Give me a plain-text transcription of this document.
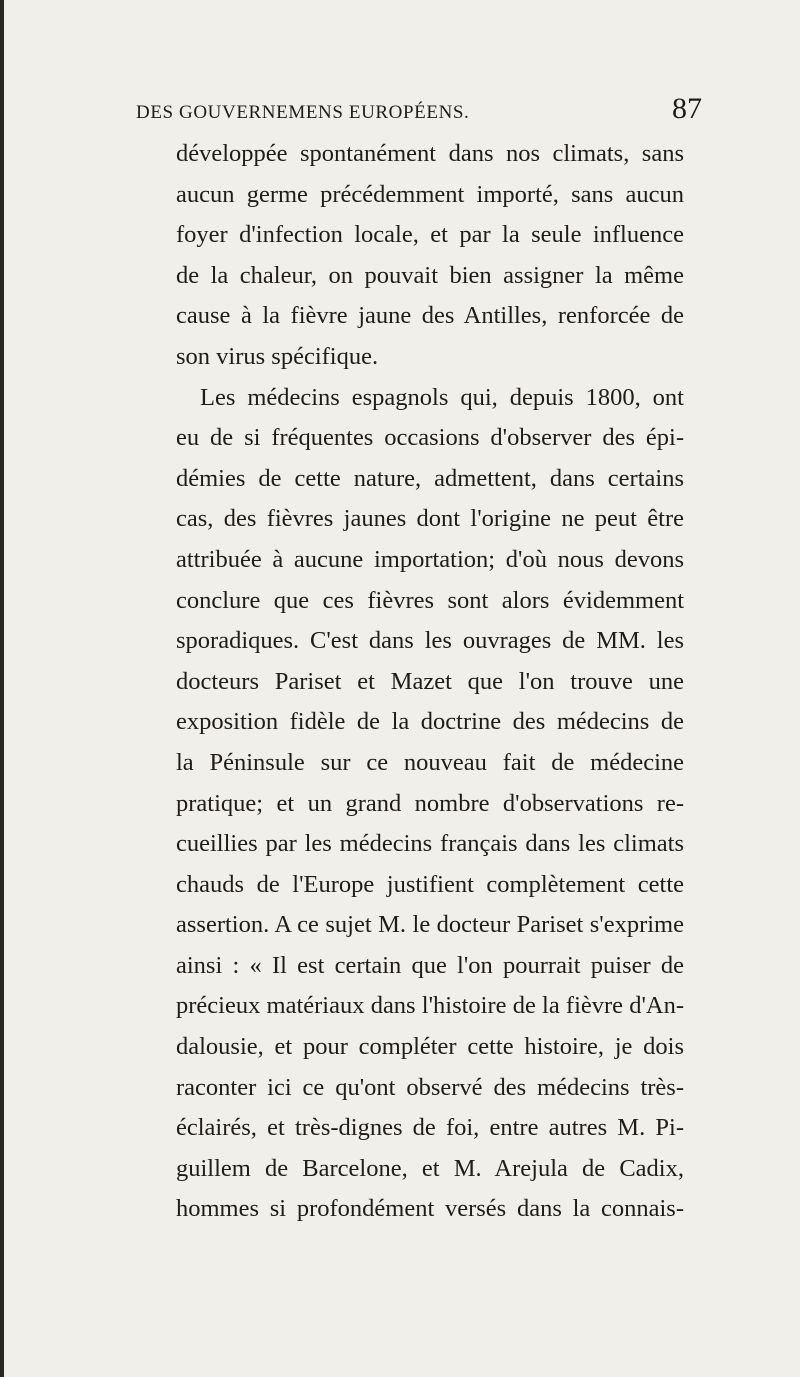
DES GOUVERNEMENS EUROPÉENS.	87
développée spontanément dans nos climats, sans
aucun germe précédemment importé, sans aucun
foyer d'infection locale, et par la seule influence
de la chaleur, on pouvait bien assigner la même
cause à la fièvre jaune des Antilles, renforcée de
son virus spécifique.
Les médecins espagnols qui, depuis 1800, ont
eu de si fréquentes occasions d'observer des épi-
démies de cette nature, admettent, dans certains
cas, des fièvres jaunes dont l'origine ne peut être
attribuée à aucune importation; d'où nous devons
conclure que ces fièvres sont alors évidemment
sporadiques. C'est dans les ouvrages de MM. les
docteurs Pariset et Mazet que l'on trouve une
exposition fidèle de la doctrine des médecins de
la Péninsule sur ce nouveau fait de médecine
pratique; et un grand nombre d'observations re-
cueillies par les médecins français dans les climats
chauds de l'Europe justifient complètement cette
assertion. A ce sujet M. le docteur Pariset s'exprime
ainsi : « Il est certain que l'on pourrait puiser de
précieux matériaux dans l'histoire de la fièvre d'An-
dalousie, et pour compléter cette histoire, je dois
raconter ici ce qu'ont observé des médecins très-
éclairés, et très-dignes de foi, entre autres M. Pi-
guillem de Barcelone, et M. Arejula de Cadix,
hommes si profondément versés dans la connais-
